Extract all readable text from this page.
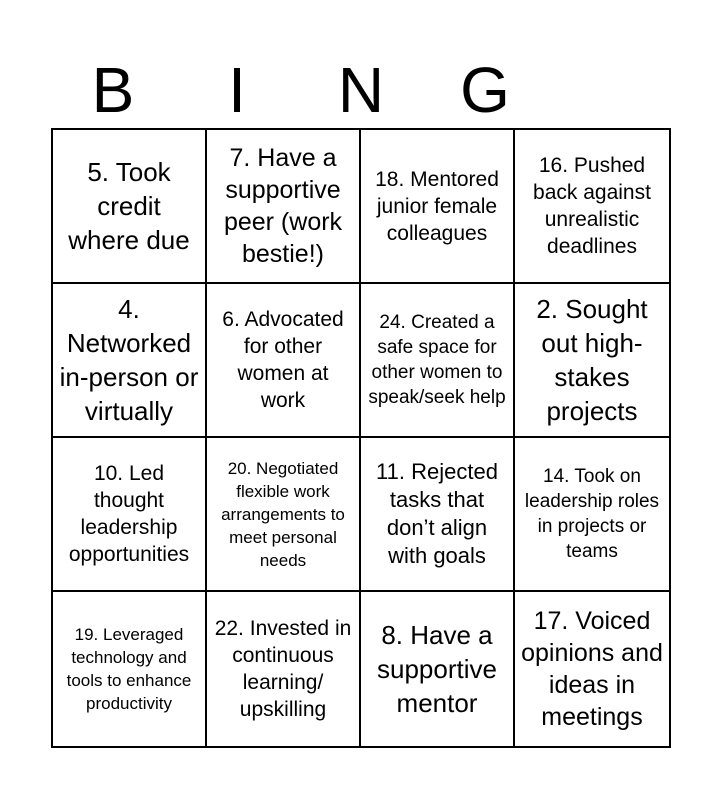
B	I	N	G
5. Took credit where due
7. Have a supportive peer (work bestie!)
18. Mentored junior female colleagues
16. Pushed back against unrealistic deadlines
4. Networked in-person or virtually
6. Advocated for other women at work
24. Created a safe space for other women to speak/seek help
2. Sought out high-stakes projects
10. Led thought leadership opportunities
20. Negotiated flexible work arrangements to meet personal needs
11. Rejected tasks that don’t align with goals
14. Took on leadership roles in projects or teams
19. Leveraged technology and tools to enhance productivity
22. Invested in continuous learning/ upskilling
8. Have a supportive mentor
17. Voiced opinions and ideas in meetings
